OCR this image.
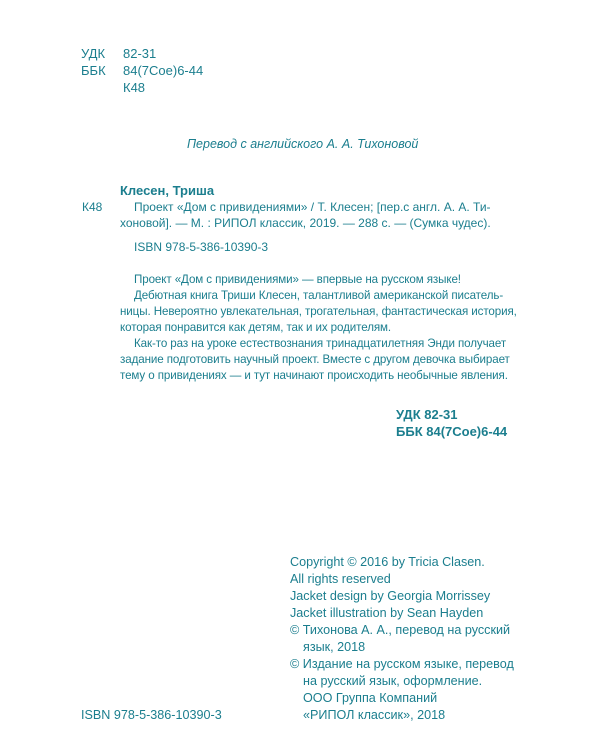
УДК 82-31
ББК 84(7Сое)6-44
К48
Перевод с английского А. А. Тихоновой
Клесен, Триша
К48	Проект «Дом с привидениями» / Т. Клесен; [пер.с англ. А. А. Ти-
хоновой]. — М. : РИПОЛ классик, 2019. — 288 с. — (Сумка чудес).
ISBN 978-5-386-10390-3
Проект «Дом с привидениями» — впервые на русском языке!
Дебютная книга Триши Клесен, талантливой американской писатель-
ницы. Невероятно увлекательная, трогательная, фантастическая история,
которая понравится как детям, так и их родителям.
Как-то раз на уроке естествознания тринадцатилетняя Энди получает
задание подготовить научный проект. Вместе с другом девочка выбирает
тему о привидениях — и тут начинают происходить необычные явления.
УДК 82-31
ББК 84(7Сое)6-44
Copyright © 2016 by Tricia Clasen.
All rights reserved
Jacket design by Georgia Morrissey
Jacket illustration by Sean Hayden
© Тихонова А. А., перевод на русский
язык, 2018
© Издание на русском языке, перевод
на русский язык, оформление.
ООО Группа Компаний
«РИПОЛ классик», 2018
ISBN 978-5-386-10390-3
